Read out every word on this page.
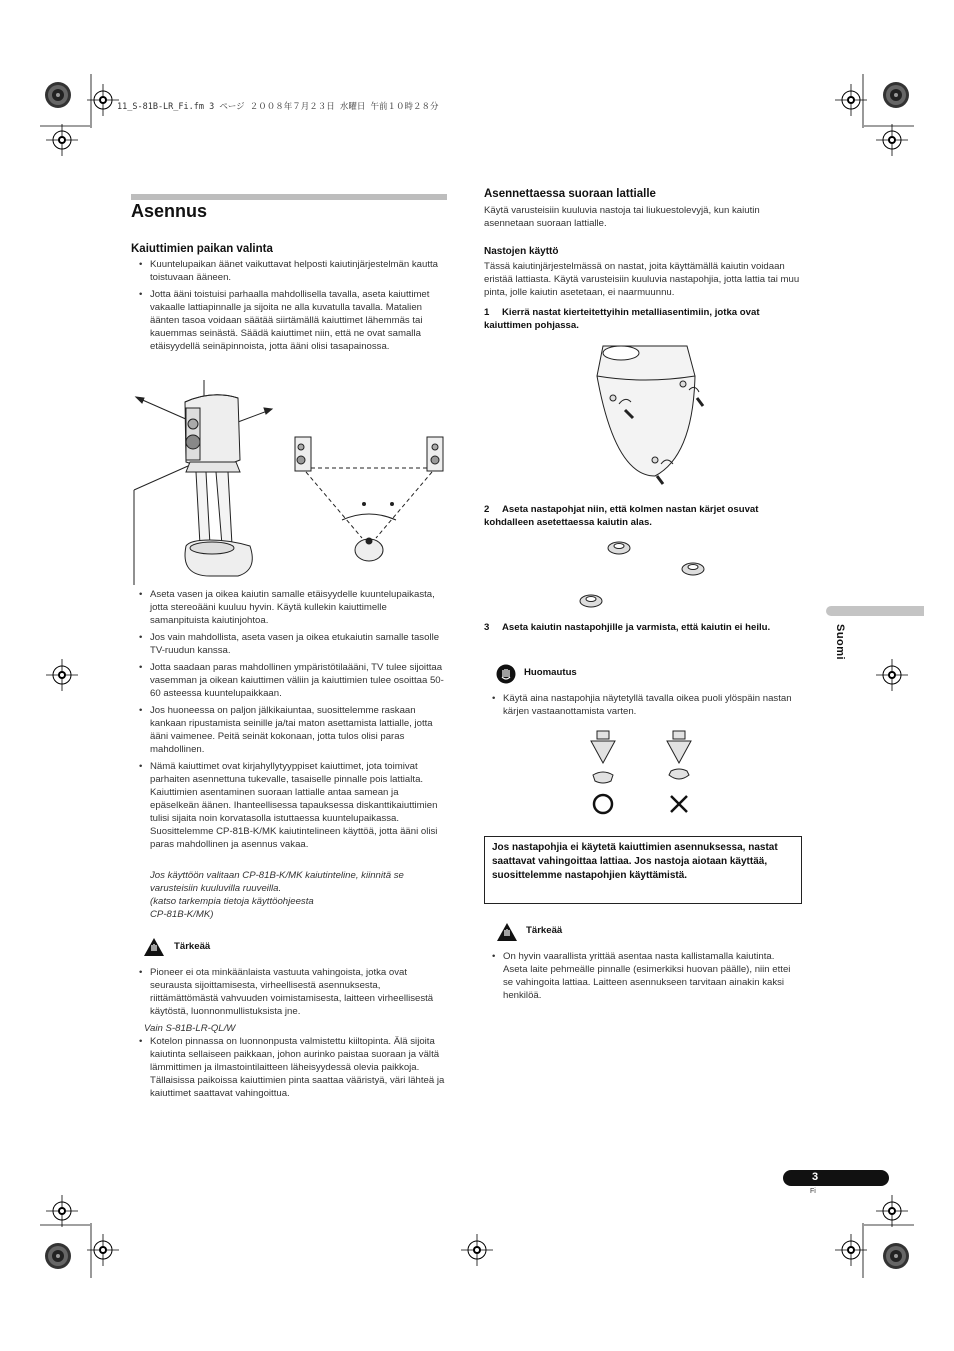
11_S-81B-LR_Fi.fm 3 ページ ２００８年７月２３日 水曜日 午前１０時２８分
Asennus
Kaiuttimien paikan valinta
• Kuuntelupaikan äänet vaikuttavat helposti kaiutinjärjestelmän kautta toistuvaan ääneen.
• Jotta ääni toistuisi parhaalla mahdollisella tavalla, aseta kaiuttimet vakaalle lattiapinnalle ja sijoita ne alla kuvatulla tavalla. Matalien äänten tasoa voidaan säätää siirtämällä kaiuttimet lähemmäs tai kauemmas seinästä. Säädä kaiuttimet niin, että ne ovat samalla etäisyydellä seinäpinnoista, jotta ääni olisi tasapainossa.
• Aseta vasen ja oikea kaiutin samalle etäisyydelle kuuntelupaikasta, jotta stereoääni kuuluu hyvin. Käytä kullekin kaiuttimelle samanpituista kaiutinjohtoa.
• Jos vain mahdollista, aseta vasen ja oikea etukaiutin samalle tasolle TV-ruudun kanssa.
• Jotta saadaan paras mahdollinen ympäristötilaääni, TV tulee sijoittaa vasemman ja oikean kaiuttimen väliin ja kaiuttimien tulee osoittaa 50-60 asteessa kuuntelupaikkaan.
• Jos huoneessa on paljon jälkikaiuntaa, suosittelemme raskaan kankaan ripustamista seinille ja/tai maton asettamista lattialle, jotta ääni vaimenee. Peitä seinät kokonaan, jotta tulos olisi paras mahdollinen.
• Nämä kaiuttimet ovat kirjahyllytyyppiset kaiuttimet, jota toimivat parhaiten asennettuna tukevalle, tasaiselle pinnalle pois lattialta. Kaiuttimien asentaminen suoraan lattialle antaa samean ja epäselkeän äänen. Ihanteellisessa tapauksessa diskanttikaiuttimien tulisi sijaita noin korvatasolla istuttaessa kuuntelupaikassa. Suosittelemme CP-81B-K/MK kaiutintelineen käyttöä, jotta ääni olisi paras mahdollinen ja asennus vakaa.
Jos käyttöön valitaan CP-81B-K/MK kaiutinteline, kiinnitä se varusteisiin kuuluvilla ruuveilla.
(katso tarkempia tietoja käyttöohjeesta
CP-81B-K/MK)
Tärkeää
• Pioneer ei ota minkäänlaista vastuuta vahingoista, jotka ovat seurausta sijoittamisesta, virheellisestä asennuksesta, riittämättömästä vahvuuden voimistamisesta, laitteen virheellisestä käytöstä, luonnonmullistuksista jne.
Vain S-81B-LR-QL/W
• Kotelon pinnassa on luonnonpusta valmistettu kiiltopinta. Älä sijoita kaiutinta sellaiseen paikkaan, johon aurinko paistaa suoraan ja vältä lämmittimen ja ilmastointilaitteen läheisyydessä olevia paikkoja. Tällaisissa paikoissa kaiuttimien pinta saattaa vääristyä, väri lähteä ja kaiuttimet saattavat vahingoittua.
Asennettaessa suoraan lattialle
Käytä varusteisiin kuuluvia nastoja tai liukuestolevyjä, kun kaiutin asennetaan suoraan lattialle.
Nastojen käyttö
Tässä kaiutinjärjestelmässä on nastat, joita käyttämällä kaiutin voidaan eristää lattiasta. Käytä varusteisiin kuuluvia nastapohjia, jotta lattia tai muu pinta, jolle kaiutin asetetaan, ei naarmuunnu.
1	Kierrä nastat kierteitettyihin metalliasentimiin, jotka ovat kaiuttimen pohjassa.
2	Aseta nastapohjat niin, että kolmen nastan kärjet osuvat kohdalleen asetettaessa kaiutin alas.
3	Aseta kaiutin nastapohjille ja varmista, että kaiutin ei heilu.
Huomautus
• Käytä aina nastapohjia näytetyllä tavalla oikea puoli ylöspäin nastan kärjen vastaanottamista varten.
Jos nastapohjia ei käytetä kaiuttimien asennuksessa, nastat saattavat vahingoittaa lattiaa. Jos nastoja aiotaan käyttää, suosittelemme nastapohjien käyttämistä.
Tärkeää
• On hyvin vaarallista yrittää asentaa nasta kallistamalla kaiutinta. Aseta laite pehmeälle pinnalle (esimerkiksi huovan päälle), niin ettei se vahingoita lattiaa. Laitteen asennukseen tarvitaan ainakin kaksi henkilöä.
Suomi
3
Fi
